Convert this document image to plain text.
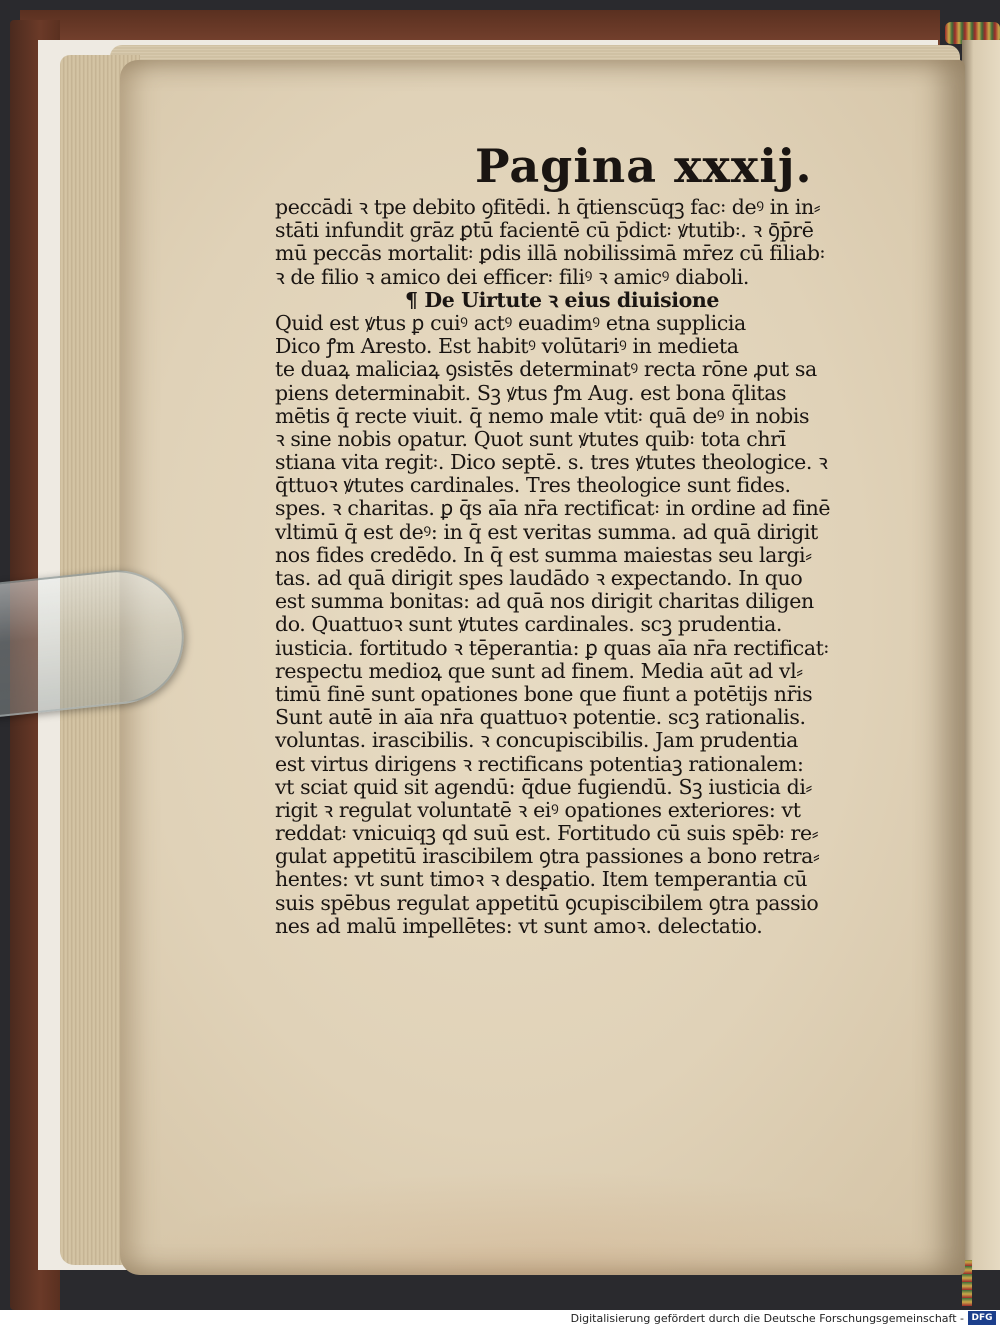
Pagina xxxij.
peccādi ꝛ tpe debito ꝯfitēdi. h̄ q̄tienscūqꝫ fac꞉ deꝰ in in⸗
stāti infundit grāz ꝑtū facientē cū p̄dict꞉ ꝟtutib꞉. ꝛ ꝯ̄p̄rē
mū peccās mortalit꞉ ꝑdis illā nobilissimā mr̄ez cū filiab꞉
ꝛ de filio ꝛ amico dei efficer꞉ filiꝰ ꝛ amicꝰ diaboli.
¶ De Uirtute ꝛ eius diuisione
Quid est ꝟtus ꝑ cuiꝰ actꝰ euadimꝰ et̄na supplicia
Dico ꝭm Aresto. Est habitꝰ volūtariꝰ in medieta
te duaꝝ maliciaꝝ ꝯsistēs determinatꝰ recta rōne ꝓut sa
piens determinabit. Sꝫ ꝟtus ꝭm Aug. est bona q̄litas
mētis q̄ recte viuit. q̄ nemo male vtit꞉ quā deꝰ in nobis
ꝛ sine nobis opatur. Quot sunt ꝟtutes quib꞉ tota chrī
stiana vita regit꞉. Dico septē. s. tres ꝟtutes theologice. ꝛ
q̄ttuoꝛ ꝟtutes cardinales. Tres theologice sunt fides.
spes. ꝛ charitas. ꝑ q̄s aīa nr̄a rectificat꞉ in ordine ad finē
vltimū q̄ est deꝰ: in q̄ est veritas summa. ad quā dirigit
nos fides credēdo. In q̄ est summa maiestas seu largi⸗
tas. ad quā dirigit spes laudādo ꝛ expectando. In quo
est summa bonitas: ad quā nos dirigit charitas diligen
do. Quattuoꝛ sunt ꝟtutes cardinales. scꝫ prudentia.
iusticia. fortitudo ꝛ tēperantia: ꝑ quas aīa nr̄a rectificat꞉
respectu medioꝝ que sunt ad finem. Media aūt ad vl⸗
timū finē sunt opationes bone que fiunt a potētijs nr̄is
Sunt autē in aīa nr̄a quattuoꝛ potentie. scꝫ rationalis.
voluntas. irascibilis. ꝛ concupiscibilis. Jam prudentia
est virtus dirigens ꝛ rectificans potentiaꝫ rationalem:
vt sciat quid sit agendū: q̄due fugiendū. Sꝫ iusticia di⸗
rigit ꝛ regulat voluntatē ꝛ eiꝰ opationes exteriores: vt
reddat꞉ vnicuiqꝫ qd̄ suū est. Fortitudo cū suis spēb꞉ re⸗
gulat appetitū irascibilem ꝯtra passiones a bono retra⸗
hentes: vt sunt timoꝛ ꝛ desꝑatio. Item temperantia cū
suis spēbus regulat appetitū ꝯcupiscibilem ꝯtra passio
nes ad malū impellētes: vt sunt amoꝛ. delectatio.
Digitalisierung gefördert durch die Deutsche Forschungsgemeinschaft - DFG
